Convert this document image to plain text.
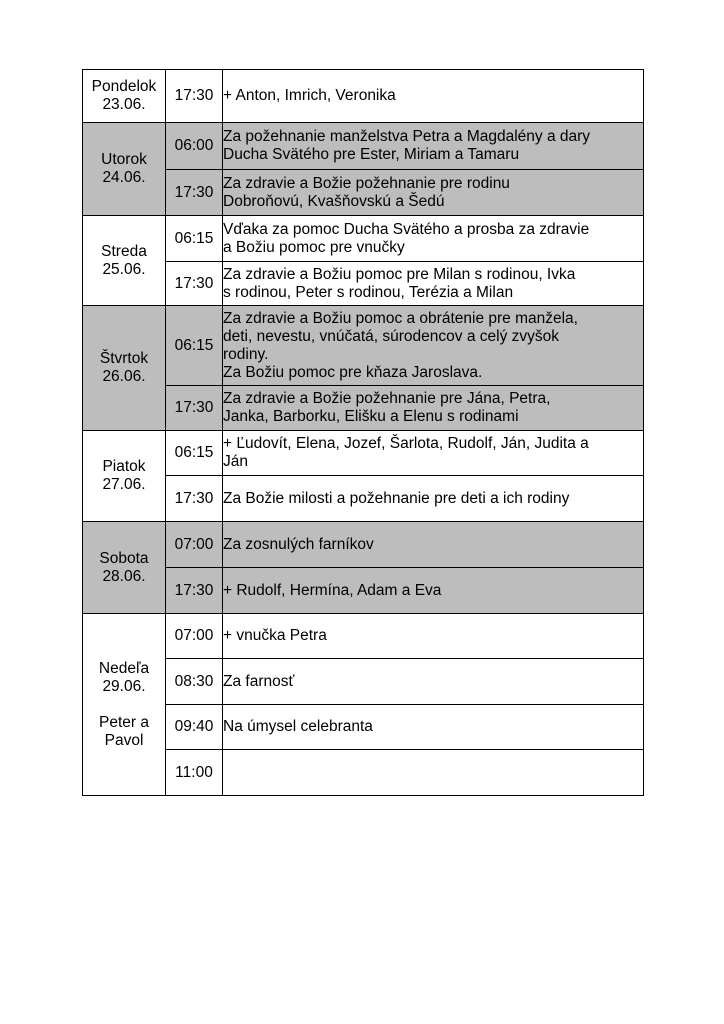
Pondelok
23.06.	17:30	+ Anton, Imrich, Veronika

Utorok
24.06.	06:00	Za požehnanie manželstva Petra a Magdalény a dary
Ducha Svätého pre Ester, Miriam a Tamaru

	17:30	Za zdravie a Božie požehnanie pre rodinu
Dobroňovú, Kvašňovskú a Šedú

Streda
25.06.	06:15	Vďaka za pomoc Ducha Svätého a prosba za zdravie
a Božiu pomoc pre vnučky

	17:30	Za zdravie a Božiu pomoc pre Milan s rodinou, Ivka
s rodinou, Peter s rodinou, Terézia a Milan

Štvrtok
26.06.	06:15	Za zdravie a Božiu pomoc a obrátenie pre manžela,
deti, nevestu, vnúčatá, súrodencov a celý zvyšok
rodiny.
Za Božiu pomoc pre kňaza Jaroslava.

	17:30	Za zdravie a Božie požehnanie pre Jána, Petra,
Janka, Barborku, Elišku a Elenu s rodinami

Piatok
27.06.	06:15	+ Ľudovít, Elena, Jozef, Šarlota, Rudolf, Ján, Judita a
Ján

	17:30	Za Božie milosti a požehnanie pre deti a ich rodiny

Sobota
28.06.	07:00	Za zosnulých farníkov

	17:30	+ Rudolf, Hermína, Adam a Eva

Nedeľa
29.06.
Peter a Pavol	07:00	+ vnučka Petra

	08:30	Za farnosť

	09:40	Na úmysel celebranta

	11:00	
